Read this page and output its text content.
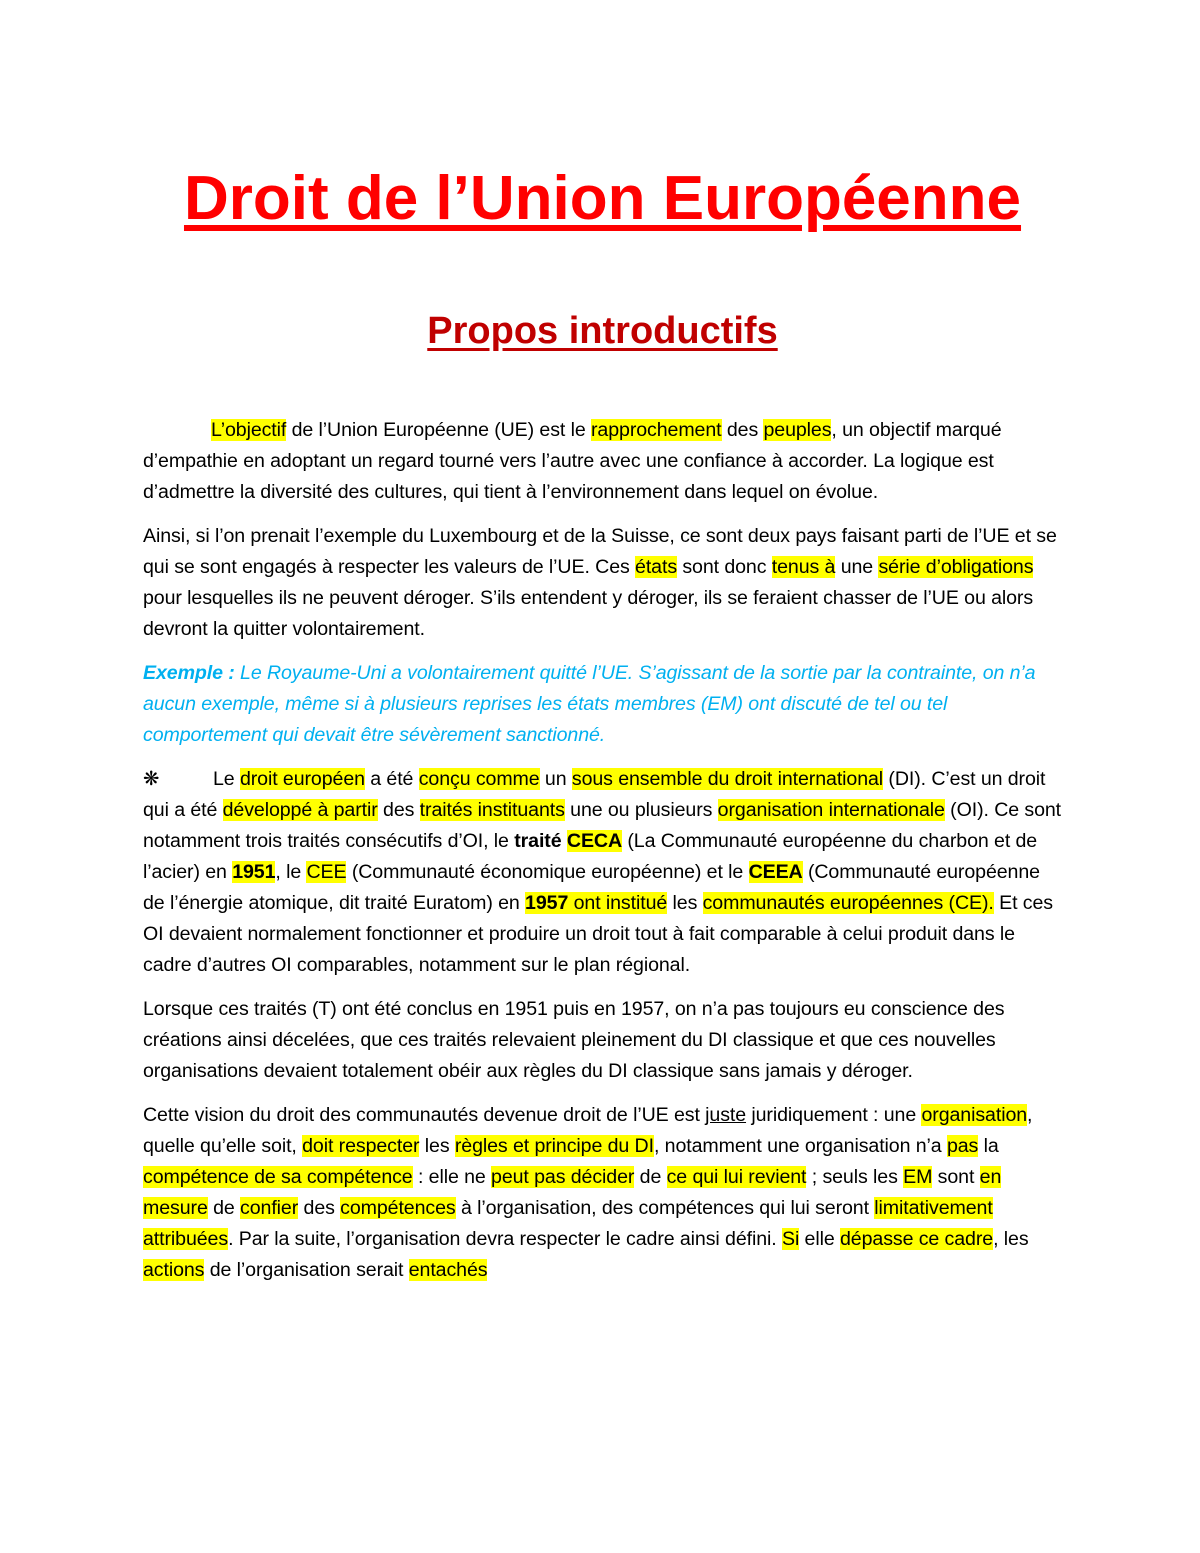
Droit de l’Union Européenne
Propos introductifs

L’objectif de l’Union Européenne (UE) est le rapprochement des peuples, un objectif marqué d’empathie en adoptant un regard tourné vers l’autre avec une confiance à accorder. La logique est d’admettre la diversité des cultures, qui tient à l’environnement dans lequel on évolue.

Ainsi, si l’on prenait l’exemple du Luxembourg et de la Suisse, ce sont deux pays faisant parti de l’UE et se qui se sont engagés à respecter les valeurs de l’UE. Ces états sont donc tenus à une série d’obligations pour lesquelles ils ne peuvent déroger. S’ils entendent y déroger, ils se feraient chasser de l’UE ou alors devront la quitter volontairement.

Exemple : Le Royaume-Uni a volontairement quitté l’UE. S’agissant de la sortie par la contrainte, on n’a aucun exemple, même si à plusieurs reprises les états membres (EM) ont discuté de tel ou tel comportement qui devait être sévèrement sanctionné.

❋	Le droit européen a été conçu comme un sous ensemble du droit international (DI). C’est un droit qui a été développé à partir des traités instituants une ou plusieurs organisation internationale (OI). Ce sont notamment trois traités consécutifs d’OI, le traité CECA (La Communauté européenne du charbon et de l’acier) en 1951, le CEE (Communauté économique européenne) et le CEEA (Communauté européenne de l’énergie atomique, dit traité Euratom) en 1957 ont institué les communautés européennes (CE). Et ces OI devaient normalement fonctionner et produire un droit tout à fait comparable à celui produit dans le cadre d’autres OI comparables, notamment sur le plan régional.

Lorsque ces traités (T) ont été conclus en 1951 puis en 1957, on n’a pas toujours eu conscience des créations ainsi décelées, que ces traités relevaient pleinement du DI classique et que ces nouvelles organisations devaient totalement obéir aux règles du DI classique sans jamais y déroger.

Cette vision du droit des communautés devenue droit de l’UE est juste juridiquement : une organisation, quelle qu’elle soit, doit respecter les règles et principe du DI, notamment une organisation n’a pas la compétence de sa compétence : elle ne peut pas décider de ce qui lui revient ; seuls les EM sont en mesure de confier des compétences à l’organisation, des compétences qui lui seront limitativement attribuées. Par la suite, l’organisation devra respecter le cadre ainsi défini. Si elle dépasse ce cadre, les actions de l’organisation serait entachés
